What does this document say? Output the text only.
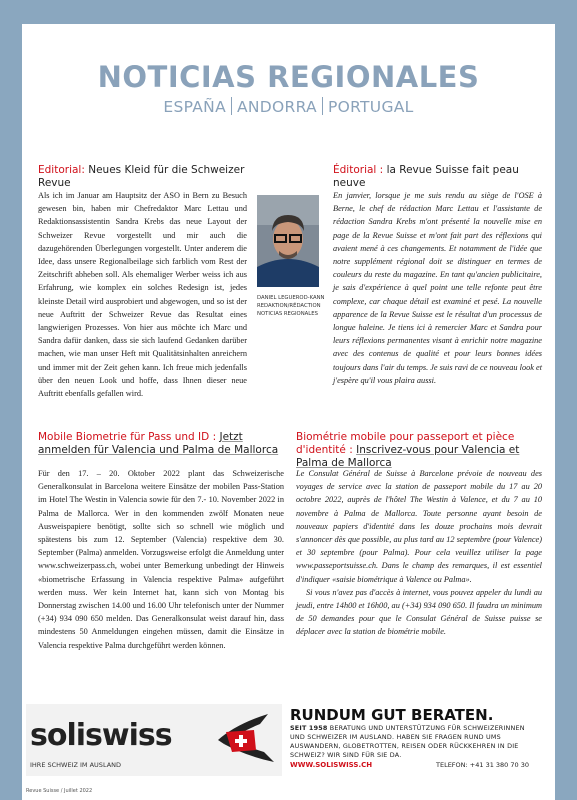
NOTICIAS REGIONALES
ESPAÑA ANDORRA PORTUGAL
Editorial: Neues Kleid für die Schweizer Revue

Als ich im Januar am Hauptsitz der ASO in Bern zu Besuch gewesen bin, haben mir Chefredaktor Marc Lettau und Redaktionsassistentin Sandra Krebs das neue Layout der Schweizer Revue vorgestellt und mir auch die dazugehörenden Überlegungen vorgestellt. Unter anderem die Idee, dass unsere Regionalbeilage sich farblich vom Rest der Zeitschrift abheben soll. Als ehemaliger Werber weiss ich aus Erfahrung, wie komplex ein solches Redesign ist, jedes kleinste Detail wird ausprobiert und abgewogen, und so ist der neue Auftritt der Schweizer Revue das Resultat eines langwierigen Prozesses. Von hier aus möchte ich Marc und Sandra dafür danken, dass sie sich laufend Gedanken darüber machen, wie man unser Heft mit Qualitätsinhalten anreichern und immer mit der Zeit gehen kann. Ich freue mich jedenfalls über den neuen Look und hoffe, dass Ihnen dieser neue Auftritt ebenfalls gefallen wird.

DANIEL LEGUEROD-KANN
REDAKTION/RÉDACTION
NOTICIAS REGIONALES
Éditorial : la Revue Suisse fait peau neuve

En janvier, lorsque je me suis rendu au siège de l'OSE à Berne, le chef de rédaction Marc Lettau et l'assistante de rédaction Sandra Krebs m'ont présenté la nouvelle mise en page de la Revue Suisse et m'ont fait part des réflexions qui avaient mené à ces changements. Et notamment de l'idée que notre supplément régional doit se distinguer en termes de couleurs du reste du magazine. En tant qu'ancien publicitaire, je sais d'expérience à quel point une telle refonte peut être complexe, car chaque détail est examiné et pesé. La nouvelle apparence de la Revue Suisse est le résultat d'un processus de longue haleine. Je tiens ici à remercier Marc et Sandra pour leurs réflexions permanentes visant à enrichir notre magazine avec des contenus de qualité et pour leurs bonnes idées toujours dans l'air du temps. Je suis ravi de ce nouveau look et j'espère qu'il vous plaira aussi.

Mobile Biometrie für Pass und ID : Jetzt anmelden für Valencia und Palma de Mallorca

Für den 17. – 20. Oktober 2022 plant das Schweizerische Generalkonsulat in Barcelona weitere Einsätze der mobilen Pass-Station im Hotel The Westin in Valencia sowie für den 7.- 10. November 2022 in Palma de Mallorca. Wer in den kommenden zwölf Monaten neue Ausweispapiere benötigt, sollte sich so schnell wie möglich und spätestens bis zum 12. September (Valencia) respektive dem 30. September (Palma) anmelden. Vorzugsweise erfolgt die Anmeldung unter www.schweizerpass.ch, wobei unter Bemerkung unbedingt der Hinweis «biometrische Erfassung in Valencia respektive Palma» aufgeführt werden muss. Wer kein Internet hat, kann sich von Montag bis Donnerstag zwischen 14.00 und 16.00 Uhr telefonisch unter der Nummer (+34) 934 090 650 melden. Das Generalkonsulat weist darauf hin, dass mindestens 50 Anmeldungen eingehen müssen, damit die Einsätze in Valencia respektive Palma durchgeführt werden können.

Biométrie mobile pour passeport et pièce d'identité : Inscrivez-vous pour Valencia et Palma de Mallorca

Le Consulat Général de Suisse à Barcelone prévoie de nouveau des voyages de service avec la station de passeport mobile du 17 au 20 octobre 2022, auprès de l'hôtel The Westin à Valence, et du 7 au 10 novembre à Palma de Mallorca. Toute personne ayant besoin de nouveaux papiers d'identité dans les douze prochains mois devrait s'annoncer dès que possible, au plus tard au 12 septembre (pour Valence) et 30 septembre (pour Palma). Pour cela veuillez utiliser la page www.passeportsuisse.ch. Dans le champ des remarques, il est essentiel d'indiquer «saisie biométrique à Valence ou Palma».

Si vous n'avez pas d'accès à internet, vous pouvez appeler du lundi au jeudi, entre 14h00 et 16h00, au (+34) 934 090 650. Il faudra un minimum de 50 demandes pour que le Consulat Général de Suisse puisse se déplacer avec la station de biométrie mobile.

soliswiss
IHRE SCHWEIZ IM AUSLAND
RUNDUM GUT BERATEN.
SEIT 1958 BERATUNG UND UNTERSTÜTZUNG FÜR SCHWEIZERINNEN UND SCHWEIZER IM AUSLAND. HABEN SIE FRAGEN RUND UMS AUSWANDERN, GLOBETROTTEN, REISEN ODER RÜCKKEHREN IN DIE SCHWEIZ? WIR SIND FÜR SIE DA.
WWW.SOLISWISS.CH	TELEFON: +41 31 380 70 30
Revue Suisse / Juillet 2022
